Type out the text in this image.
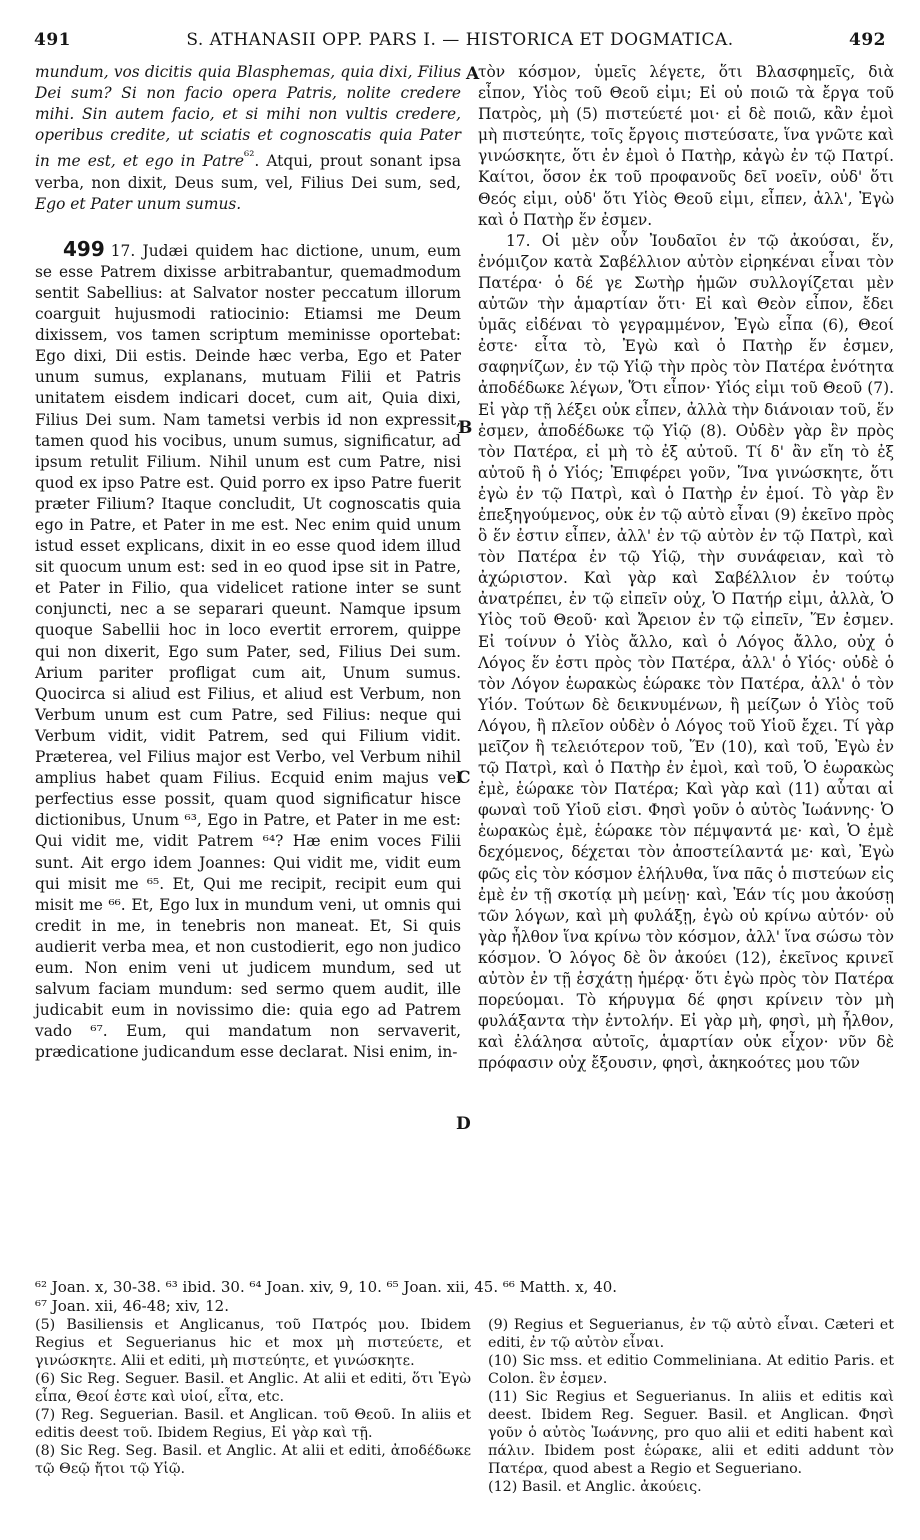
491	S. ATHANASII OPP. PARS I. — HISTORICA ET DOGMATICA.	492
A
B
C
D

mundum, vos dicitis quia Blasphemas, quia dixi, Filius Dei sum? Si non facio opera Patris, nolite credere mihi. Sin autem facio, et si mihi non vultis credere, operibus credite, ut sciatis et cognoscatis quia Pater in me est, et ego in Patre$^{^{62}}$. Atqui, prout sonant ipsa verba, non dixit, Deus sum, vel, Filius Dei sum, sed, Ego et Pater unum sumus.

499 17. Judæi quidem hac dictione, unum, eum se esse Patrem dixisse arbitrabantur, quemadmodum sentit Sabellius: at Salvator noster peccatum illorum coarguit hujusmodi ratiocinio: Etiamsi me Deum dixissem, vos tamen scriptum meminisse oportebat: Ego dixi, Dii estis. Deinde hæc verba, Ego et Pater unum sumus, explanans, mutuam Filii et Patris unitatem eisdem indicari docet, cum ait, Quia dixi, Filius Dei sum. Nam tametsi verbis id non expressit, tamen quod his vocibus, unum sumus, significatur, ad ipsum retulit Filium. Nihil unum est cum Patre, nisi quod ex ipso Patre est. Quid porro ex ipso Patre fuerit præter Filium? Itaque concludit, Ut cognoscatis quia ego in Patre, et Pater in me est. Nec enim quid unum istud esset explicans, dixit in eo esse quod idem illud sit quocum unum est: sed in eo quod ipse sit in Patre, et Pater in Filio, qua videlicet ratione inter se sunt conjuncti, nec a se separari queunt. Namque ipsum quoque Sabellii hoc in loco evertit errorem, quippe qui non dixerit, Ego sum Pater, sed, Filius Dei sum. Arium pariter profligat cum ait, Unum sumus. Quocirca si aliud est Filius, et aliud est Verbum, non Verbum unum est cum Patre, sed Filius: neque qui Verbum vidit, vidit Patrem, sed qui Filium vidit. Præterea, vel Filius major est Verbo, vel Verbum nihil amplius habet quam Filius. Ecquid enim majus vel perfectius esse possit, quam quod significatur hisce dictionibus, Unum ⁶³, Ego in Patre, et Pater in me est: Qui vidit me, vidit Patrem ⁶⁴? Hæ enim voces Filii sunt. Ait ergo idem Joannes: Qui vidit me, vidit eum qui misit me ⁶⁵. Et, Qui me recipit, recipit eum qui misit me ⁶⁶. Et, Ego lux in mundum veni, ut omnis qui credit in me, in tenebris non maneat. Et, Si quis audierit verba mea, et non custodierit, ego non judico eum. Non enim veni ut judicem mundum, sed ut salvum faciam mundum: sed sermo quem audit, ille judicabit eum in novissimo die: quia ego ad Patrem vado ⁶⁷. Eum, qui mandatum non servaverit, prædicatione judicandum esse declarat. Nisi enim, in-

τὸν κόσμον, ὑμεῖς λέγετε, ὅτι Βλασφημεῖς, διὰ εἶπον, Υἱὸς τοῦ Θεοῦ εἰμι; Εἰ οὐ ποιῶ τὰ ἔργα τοῦ Πατρὸς, μὴ (5) πιστεύετέ μοι· εἰ δὲ ποιῶ, κἂν ἐμοὶ μὴ πιστεύητε, τοῖς ἔργοις πιστεύσατε, ἵνα γνῶτε καὶ γινώσκητε, ὅτι ἐν ἐμοὶ ὁ Πατὴρ, κἀγὼ ἐν τῷ Πατρί. Καίτοι, ὅσον ἐκ τοῦ προφανοῦς δεῖ νοεῖν, οὐδ' ὅτι Θεός εἰμι, οὐδ' ὅτι Υἱὸς Θεοῦ εἰμι, εἶπεν, ἀλλ', Ἐγὼ καὶ ὁ Πατὴρ ἕν ἐσμεν.

17. Οἱ μὲν οὖν Ἰουδαῖοι ἐν τῷ ἀκούσαι, ἕν, ἐνόμιζον κατὰ Σαβέλλιον αὐτὸν εἰρηκέναι εἶναι τὸν Πατέρα· ὁ δέ γε Σωτὴρ ἡμῶν συλλογίζεται μὲν αὐτῶν τὴν ἁμαρτίαν ὅτι· Εἰ καὶ Θεὸν εἶπον, ἔδει ὑμᾶς εἰδέναι τὸ γεγραμμένον, Ἐγὼ εἶπα (6), Θεοί ἐστε· εἶτα τὸ, Ἐγὼ καὶ ὁ Πατὴρ ἕν ἐσμεν, σαφηνίζων, ἐν τῷ Υἱῷ τὴν πρὸς τὸν Πατέρα ἑνότητα ἀποδέδωκε λέγων, Ὅτι εἶπον· Υἱός εἰμι τοῦ Θεοῦ (7). Εἰ γὰρ τῇ λέξει οὐκ εἶπεν, ἀλλὰ τὴν διάνοιαν τοῦ, ἕν ἐσμεν, ἀποδέδωκε τῷ Υἱῷ (8). Οὐδὲν γὰρ ἓν πρὸς τὸν Πατέρα, εἰ μὴ τὸ ἐξ αὐτοῦ. Τί δ' ἂν εἴη τὸ ἐξ αὐτοῦ ἢ ὁ Υἱός; Ἐπιφέρει γοῦν, Ἵνα γινώσκητε, ὅτι ἐγὼ ἐν τῷ Πατρὶ, καὶ ὁ Πατὴρ ἐν ἐμοί. Τὸ γὰρ ἓν ἐπεξηγούμενος, οὐκ ἐν τῷ αὐτὸ εἶναι (9) ἐκεῖνο πρὸς ὃ ἕν ἐστιν εἶπεν, ἀλλ' ἐν τῷ αὐτὸν ἐν τῷ Πατρὶ, καὶ τὸν Πατέρα ἐν τῷ Υἱῷ, τὴν συνάφειαν, καὶ τὸ ἀχώριστον. Καὶ γὰρ καὶ Σαβέλλιον ἐν τούτῳ ἀνατρέπει, ἐν τῷ εἰπεῖν οὐχ, Ὁ Πατήρ εἰμι, ἀλλὰ, Ὁ Υἱὸς τοῦ Θεοῦ· καὶ Ἄρειον ἐν τῷ εἰπεῖν, Ἕν ἐσμεν. Εἰ τοίνυν ὁ Υἱὸς ἄλλο, καὶ ὁ Λόγος ἄλλο, οὐχ ὁ Λόγος ἕν ἐστι πρὸς τὸν Πατέρα, ἀλλ' ὁ Υἱός· οὐδὲ ὁ τὸν Λόγον ἑωρακὼς ἑώρακε τὸν Πατέρα, ἀλλ' ὁ τὸν Υἱόν. Τούτων δὲ δεικνυμένων, ἢ μείζων ὁ Υἱὸς τοῦ Λόγου, ἢ πλεῖον οὐδὲν ὁ Λόγος τοῦ Υἱοῦ ἔχει. Τί γὰρ μεῖζον ἢ τελειότερον τοῦ, Ἕν (10), καὶ τοῦ, Ἐγὼ ἐν τῷ Πατρὶ, καὶ ὁ Πατὴρ ἐν ἐμοὶ, καὶ τοῦ, Ὁ ἑωρακὼς ἐμὲ, ἑώρακε τὸν Πατέρα; Καὶ γὰρ καὶ (11) αὗται αἱ φωναὶ τοῦ Υἱοῦ εἰσι. Φησὶ γοῦν ὁ αὐτὸς Ἰωάννης· Ὁ ἑωρακὼς ἐμὲ, ἑώρακε τὸν πέμψαντά με· καὶ, Ὁ ἐμὲ δεχόμενος, δέχεται τὸν ἀποστείλαντά με· καὶ, Ἐγὼ φῶς εἰς τὸν κόσμον ἐλήλυθα, ἵνα πᾶς ὁ πιστεύων εἰς ἐμὲ ἐν τῇ σκοτίᾳ μὴ μείνῃ· καὶ, Ἐάν τίς μου ἀκούσῃ τῶν λόγων, καὶ μὴ φυλάξῃ, ἐγὼ οὐ κρίνω αὐτόν· οὐ γὰρ ἦλθον ἵνα κρίνω τὸν κόσμον, ἀλλ' ἵνα σώσω τὸν κόσμον. Ὁ λόγος δὲ ὃν ἀκούει (12), ἐκεῖνος κρινεῖ αὐτὸν ἐν τῇ ἐσχάτῃ ἡμέρᾳ· ὅτι ἐγὼ πρὸς τὸν Πατέρα πορεύομαι. Τὸ κήρυγμα δέ φησι κρίνειν τὸν μὴ φυλάξαντα τὴν ἐντολήν. Εἰ γὰρ μὴ, φησὶ, μὴ ἦλθον, καὶ ἐλάλησα αὐτοῖς, ἁμαρτίαν οὐκ εἶχον· νῦν δὲ πρόφασιν οὐχ ἔξουσιν, φησὶ, ἀκηκοότες μου τῶν

⁶² Joan. x, 30-38. ⁶³ ibid. 30. ⁶⁴ Joan. xiv, 9, 10. ⁶⁵ Joan. xii, 45. ⁶⁶ Matth. x, 40.

⁶⁷ Joan. xii, 46-48; xiv, 12.

(5) Basiliensis et Anglicanus, τοῦ Πατρός μου. Ibidem Regius et Seguerianus hic et mox μὴ πιστεύετε, et γινώσκητε. Alii et editi, μὴ πιστεύητε, et γινώσκητε.

(6) Sic Reg. Seguer. Basil. et Anglic. At alii et editi, ὅτι Ἐγὼ εἶπα, Θεοί ἐστε καὶ υἱοί, εἶτα, etc.

(7) Reg. Seguerian. Basil. et Anglican. τοῦ Θεοῦ. In aliis et editis deest τοῦ. Ibidem Regius, Εἰ γὰρ καὶ τῇ.

(8) Sic Reg. Seg. Basil. et Anglic. At alii et editi, ἀποδέδωκε τῷ Θεῷ ἤτοι τῷ Υἱῷ.

(9) Regius et Seguerianus, ἐν τῷ αὐτὸ εἶναι. Cæteri et editi, ἐν τῷ αὐτὸν εἶναι.

(10) Sic mss. et editio Commeliniana. At editio Paris. et Colon. ἓν ἐσμεν.

(11) Sic Regius et Seguerianus. In aliis et editis καὶ deest. Ibidem Reg. Seguer. Basil. et Anglican. Φησὶ γοῦν ὁ αὐτὸς Ἰωάννης, pro quo alii et editi habent καὶ πάλιν. Ibidem post ἑώρακε, alii et editi addunt τὸν Πατέρα, quod abest a Regio et Segueriano.

(12) Basil. et Anglic. ἀκούεις.
